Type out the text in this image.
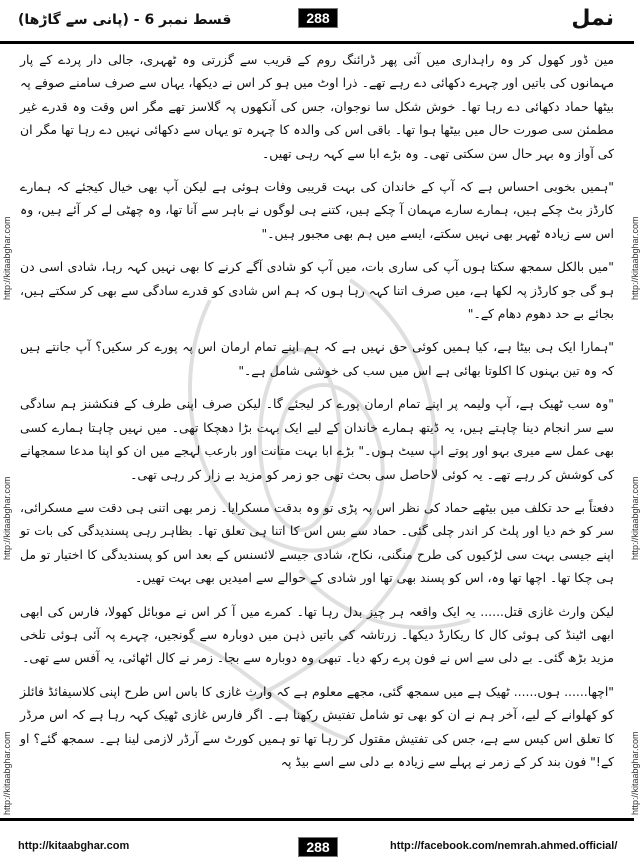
قسط نمبر 6 - (پانی سے گاڑھا)	288	نمل
http://kitaabghar.com
http://kitaabghar.com
http://kitaabghar.com
http://kitaabghar.com
http://kitaabghar.com
http://kitaabghar.com

مین ڈور کھول کر وہ راہداری میں آئی پھر ڈرائنگ روم کے قریب سے گزرتی وہ ٹھہری، جالی دار پردے کے پار مہمانوں کی باتیں اور چہرے دکھائی دے رہے تھے۔ ذرا اوٹ میں ہو کر اس نے دیکھا، یہاں سے صرف سامنے صوفے پہ بیٹھا حماد دکھائی دے رہا تھا۔ خوش شکل سا نوجوان، جس کی آنکھوں پہ گلاسز تھے مگر اس وقت وہ قدرے غیر مطمئن سی صورت حال میں بیٹھا ہوا تھا۔ باقی اس کی والدہ کا چہرہ تو یہاں سے دکھائی نہیں دے رہا تھا مگر ان کی آواز وہ بہر حال سن سکتی تھی۔ وہ بڑے ابا سے کہہ رہی تھیں۔

"ہمیں بخوبی احساس ہے کہ آپ کے خاندان کی بہت قریبی وفات ہوئی ہے لیکن آپ بھی خیال کیجئے کہ ہمارے کارڈز بٹ چکے ہیں، ہمارے سارے مہمان آ چکے ہیں، کتنے ہی لوگوں نے باہر سے آنا تھا، وہ چھٹی لے کر آئے ہیں، وہ اس سے زیادہ ٹھہر بھی نہیں سکتے، ایسے میں ہم بھی مجبور ہیں۔"

"میں بالکل سمجھ سکتا ہوں آپ کی ساری بات، میں آپ کو شادی آگے کرنے کا بھی نہیں کہہ رہا، شادی اسی دن ہو گی جو کارڈز پہ لکھا ہے، میں صرف اتنا کہہ رہا ہوں کہ ہم اس شادی کو قدرے سادگی سے بھی کر سکتے ہیں، بجائے بے حد دھوم دھام کے۔"

"ہمارا ایک ہی بیٹا ہے، کیا ہمیں کوئی حق نہیں ہے کہ ہم اپنے تمام ارمان اس پہ پورے کر سکیں؟ آپ جانتے ہیں کہ وہ تین بہنوں کا اکلوتا بھائی ہے اس میں سب کی خوشی شامل ہے۔"

"وہ سب ٹھیک ہے، آپ ولیمہ پر اپنے تمام ارمان پورے کر لیجئے گا۔ لیکن صرف اپنی طرف کے فنکشنز ہم سادگی سے سر انجام دینا چاہتے ہیں، یہ ڈیتھ ہمارے خاندان کے لیے ایک بہت بڑا دھچکا تھی۔ میں نہیں چاہتا ہمارے کسی بھی عمل سے میری بہو اور پوتے اپ سیٹ ہوں۔" بڑے ابا بہت متانت اور بارعب لہجے میں ان کو اپنا مدعا سمجھانے کی کوشش کر رہے تھے۔ یہ کوئی لاحاصل سی بحث تھی جو زمر کو مزید بے زار کر رہی تھی۔

دفعتاً بے حد تکلف میں بیٹھے حماد کی نظر اس پہ پڑی تو وہ بدقت مسکرایا۔ زمر بھی اتنی ہی دقت سے مسکرائی، سر کو خم دیا اور پلٹ کر اندر چلی گئی۔ حماد سے بس اس کا اتنا ہی تعلق تھا۔ بظاہر رہی پسندیدگی کی بات تو اپنے جیسی بہت سی لڑکیوں کی طرح منگنی، نکاح، شادی جیسے لائسنس کے بعد اس کو پسندیدگی کا اختیار تو مل ہی چکا تھا۔ اچھا تھا وہ، اس کو پسند بھی تھا اور شادی کے حوالے سے امیدیں بھی بہت تھیں۔

لیکن وارث غازی قتل...... یہ ایک واقعہ ہر چیز بدل رہا تھا۔ کمرے میں آ کر اس نے موبائل کھولا، فارس کی ابھی ابھی اٹینڈ کی ہوئی کال کا ریکارڈ دیکھا۔ زرتاشہ کی باتیں ذہن میں دوبارہ سے گونجیں، چہرے پہ آئی ہوئی تلخی مزید بڑھ گئی۔ بے دلی سے اس نے فون پرے رکھ دیا۔ تبھی وہ دوبارہ سے بجا۔ زمر نے کال اٹھائی، یہ آفس سے تھی۔

"اچھا...... ہوں...... ٹھیک ہے میں سمجھ گئی، مجھے معلوم ہے کہ وارث غازی کا باس اس طرح اپنی کلاسیفائڈ فائلز کو کھلوانے کے لیے، آخر ہم نے ان کو بھی تو شامل تفتیش رکھنا ہے۔ اگر فارس غازی ٹھیک کہہ رہا ہے کہ اس مرڈر کا تعلق اس کیس سے ہے، جس کی تفتیش مقتول کر رہا تھا تو ہمیں کورٹ سے آرڈر لازمی لینا ہے۔ سمجھ گئے؟ او کے!" فون بند کر کے زمر نے پہلے سے زیادہ بے دلی سے اسے بیڈ پہ

http://kitaabghar.com	288	http://facebook.com/nemrah.ahmed.official/
